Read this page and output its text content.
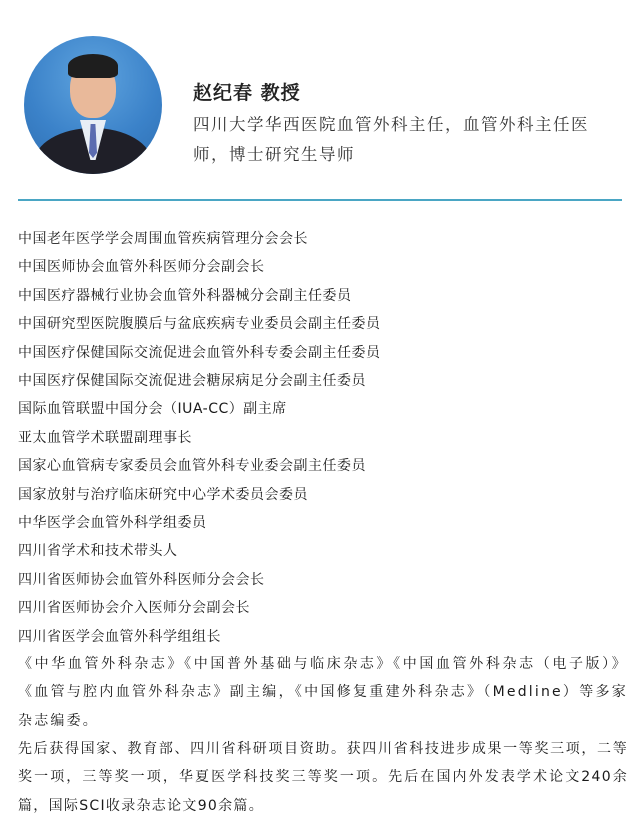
赵纪春 教授
四川大学华西医院血管外科主任，血管外科主任医师，博士研究生导师
中国老年医学学会周围血管疾病管理分会会长
中国医师协会血管外科医师分会副会长
中国医疗器械行业协会血管外科器械分会副主任委员
中国研究型医院腹膜后与盆底疾病专业委员会副主任委员
中国医疗保健国际交流促进会血管外科专委会副主任委员
中国医疗保健国际交流促进会糖尿病足分会副主任委员
国际血管联盟中国分会（IUA-CC）副主席
亚太血管学术联盟副理事长
国家心血管病专家委员会血管外科专业委会副主任委员
国家放射与治疗临床研究中心学术委员会委员
中华医学会血管外科学组委员
四川省学术和技术带头人
四川省医师协会血管外科医师分会会长
四川省医师协会介入医师分会副会长
四川省医学会血管外科学组组长

《中华血管外科杂志》《中国普外基础与临床杂志》《中国血管外科杂志（电子版）》《血管与腔内血管外科杂志》副主编，《中国修复重建外科杂志》（Medline）等多家杂志编委。

先后获得国家、教育部、四川省科研项目资助。获四川省科技进步成果一等奖三项，二等奖一项，三等奖一项，华夏医学科技奖三等奖一项。先后在国内外发表学术论文240余篇，国际SCI收录杂志论文90余篇。
